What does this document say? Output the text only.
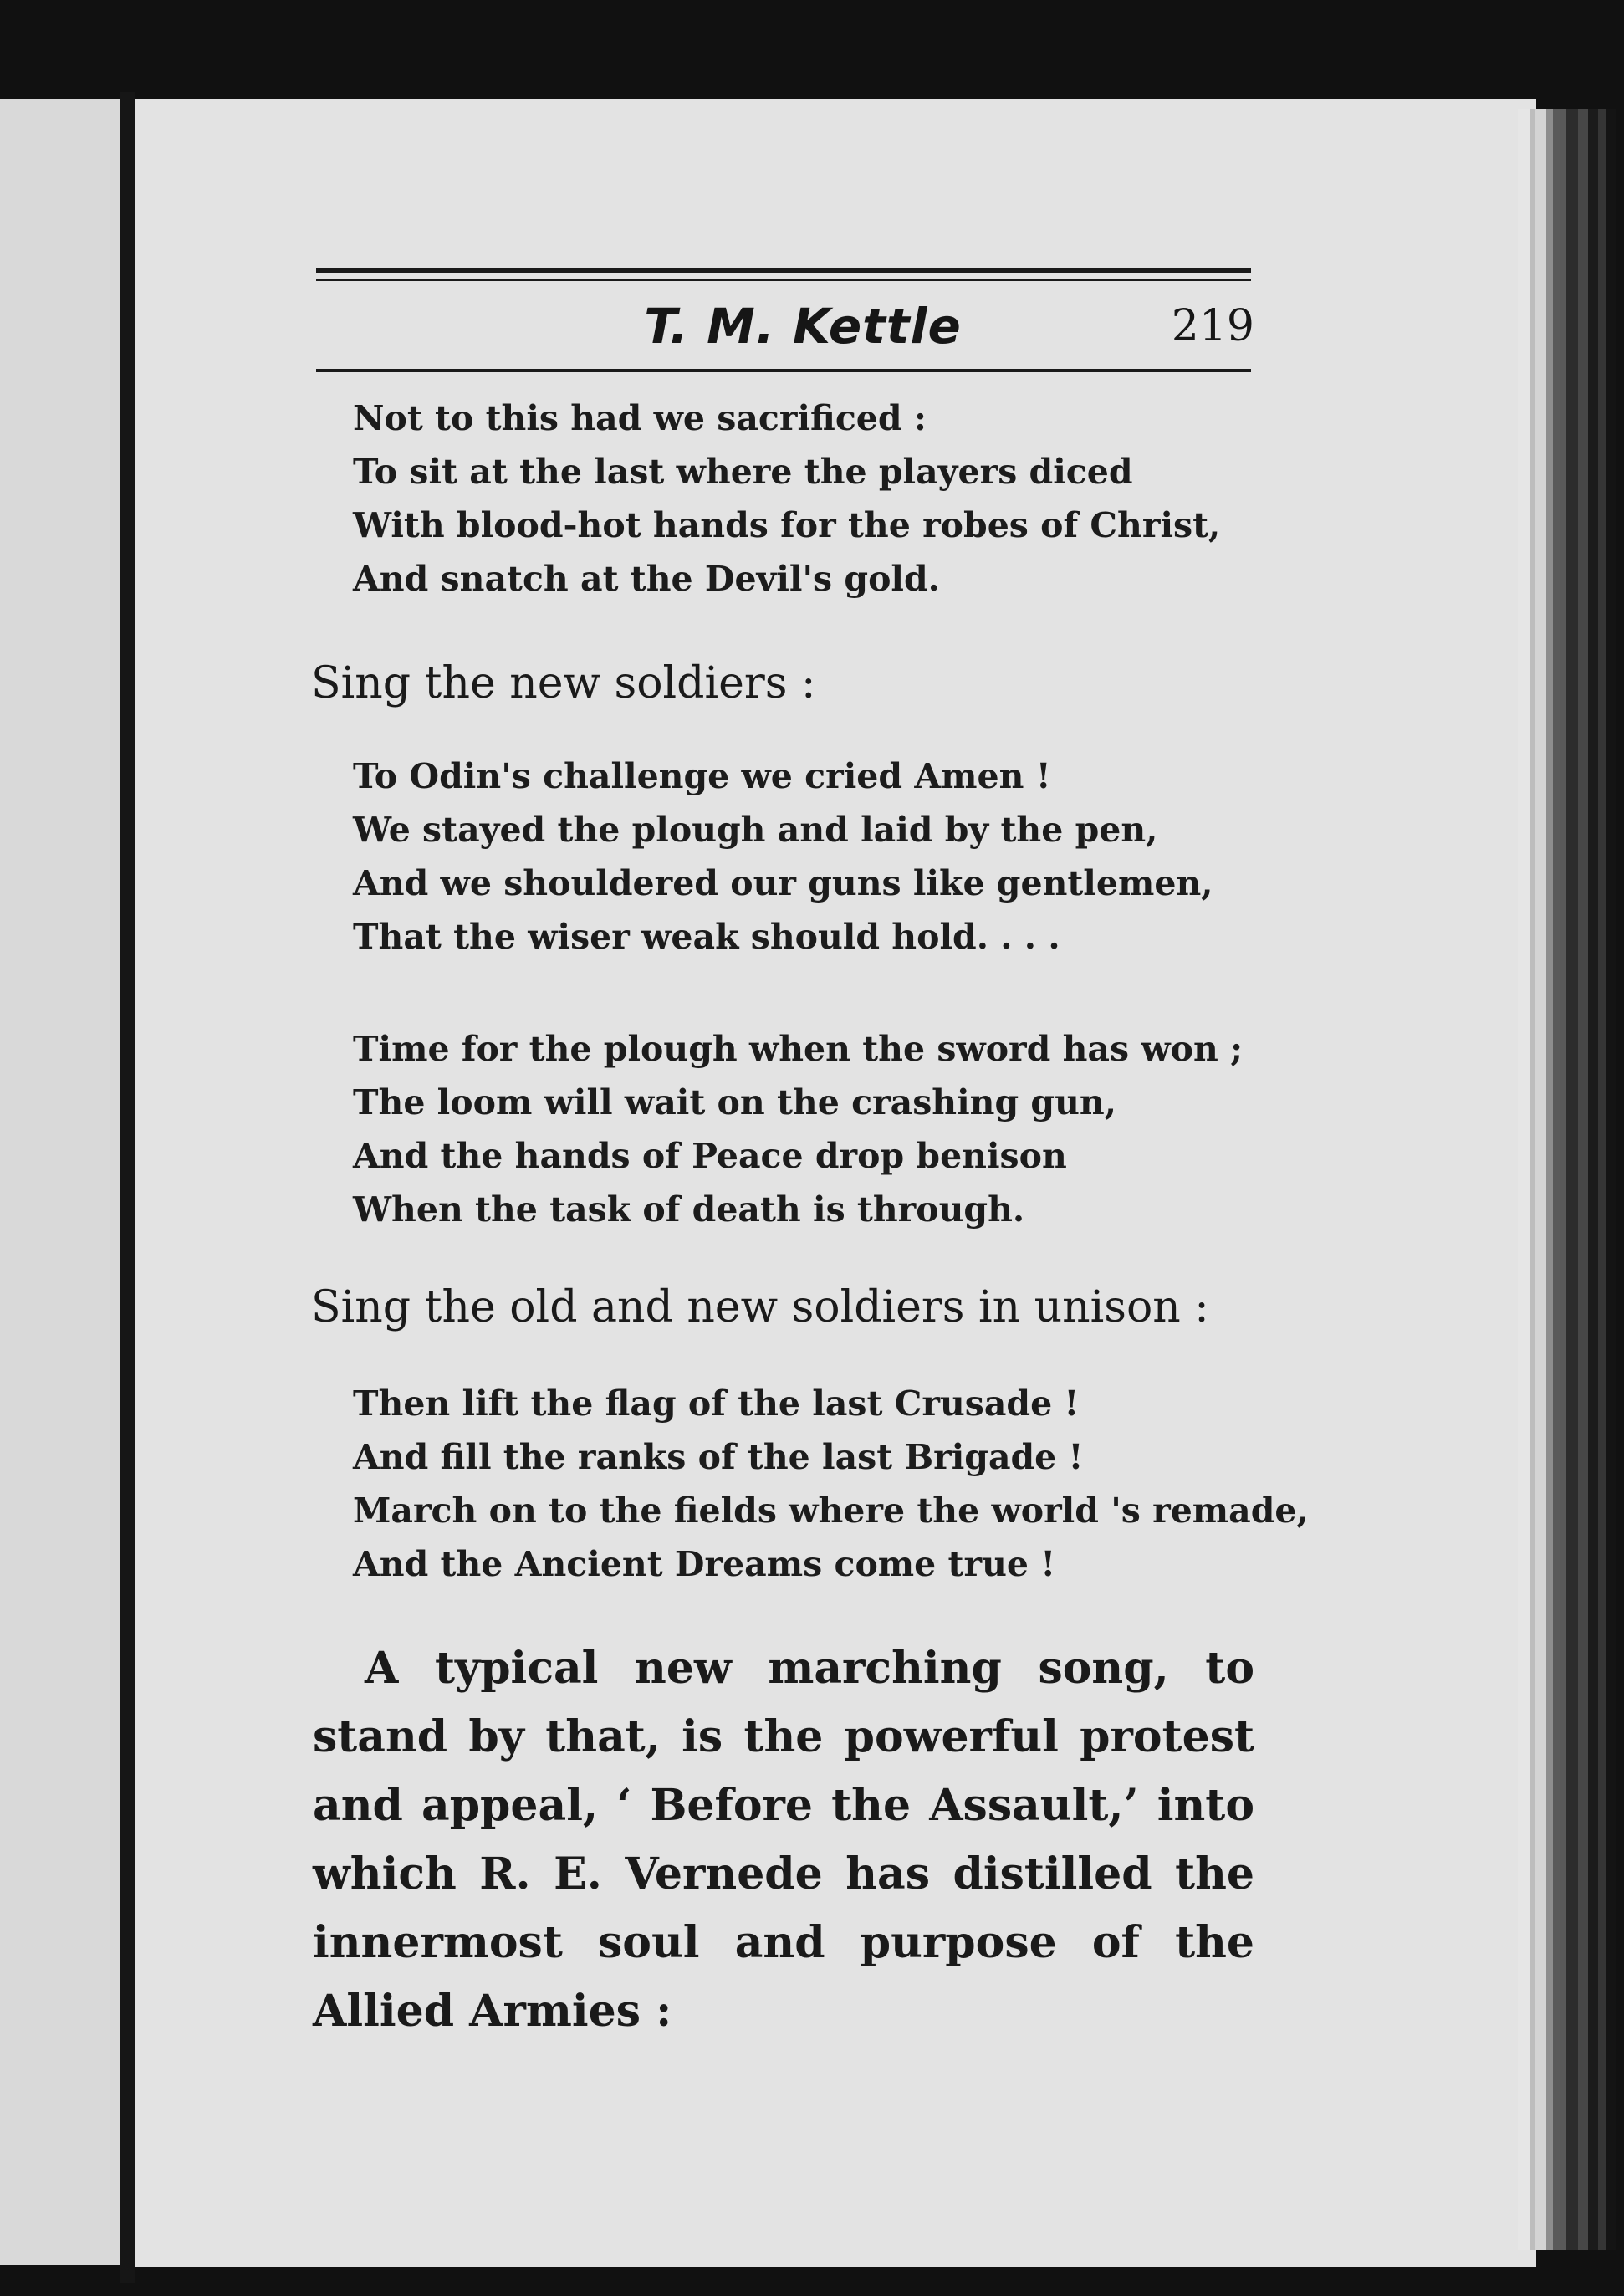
T. M. Kettle	219
Not to this had we sacrificed :
To sit at the last where the players diced
With blood-hot hands for the robes of Christ,
And snatch at the Devil's gold.
Sing the new soldiers :
To Odin's challenge we cried Amen !
We stayed the plough and laid by the pen,
And we shouldered our guns like gentlemen,
That the wiser weak should hold. . . .
Time for the plough when the sword has won ;
The loom will wait on the crashing gun,
And the hands of Peace drop benison
When the task of death is through.
Sing the old and new soldiers in unison :
Then lift the flag of the last Crusade !
And fill the ranks of the last Brigade !
March on to the fields where the world 's remade,
And the Ancient Dreams come true !
A typical new marching song, to stand by that, is the powerful protest and appeal, ‘ Before the Assault,’ into which R. E. Vernede has distilled the innermost soul and purpose of the Allied Armies :
